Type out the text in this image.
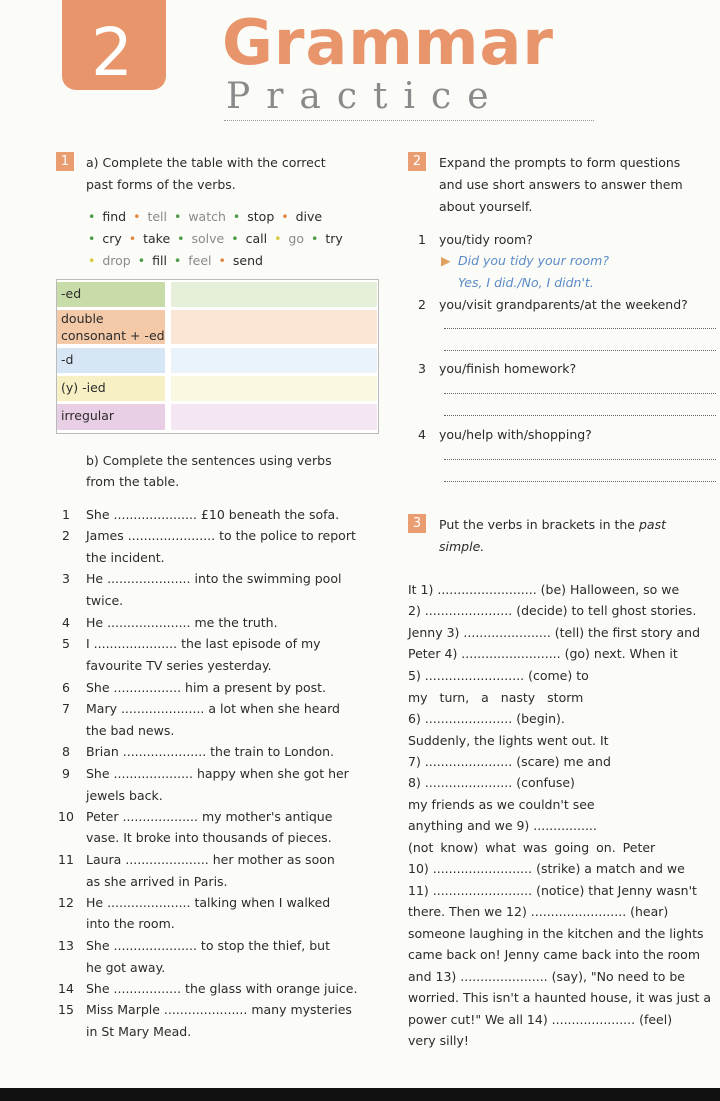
2	Grammar
Practice
1	a) Complete the table with the correct
past forms of the verbs.
• find • tell • watch • stop • dive
• cry • take • solve • call • go • try
• drop • fill • feel • send
-ed
double
consonant + -ed
-d
(y) -ied
irregular
b) Complete the sentences using verbs
from the table.
1 She ..................... £10 beneath the sofa.
2 James ...................... to the police to report
the incident.
3 He ..................... into the swimming pool
twice.
4 He ..................... me the truth.
5 I ..................... the last episode of my
favourite TV series yesterday.
6 She ................. him a present by post.
7 Mary ..................... a lot when she heard
the bad news.
8 Brian ..................... the train to London.
9 She .................... happy when she got her
jewels back.
10 Peter ................... my mother's antique
vase. It broke into thousands of pieces.
11 Laura ..................... her mother as soon
as she arrived in Paris.
12 He ..................... talking when I walked
into the room.
13 She ..................... to stop the thief, but
he got away.
14 She ................. the glass with orange juice.
15 Miss Marple ..................... many mysteries
in St Mary Mead.
2	Expand the prompts to form questions
and use short answers to answer them
about yourself.
1 you/tidy room?
▶ Did you tidy your room?
Yes, I did./No, I didn't.
2 you/visit grandparents/at the weekend?
3 you/finish homework?
4 you/help with/shopping?
3	Put the verbs in brackets in the past
simple.
It 1) ......................... (be) Halloween, so we
2) ...................... (decide) to tell ghost stories.
Jenny 3) ...................... (tell) the first story and
Peter 4) ......................... (go) next. When it
5) ......................... (come) to
my turn, a nasty storm
6) ...................... (begin).
Suddenly, the lights went out. It
7) ...................... (scare) me and
8) ...................... (confuse)
my friends as we couldn't see
anything and we 9) ................
(not know) what was going on. Peter
10) ......................... (strike) a match and we
11) ......................... (notice) that Jenny wasn't
there. Then we 12) ........................ (hear)
someone laughing in the kitchen and the lights
came back on! Jenny came back into the room
and 13) ...................... (say), "No need to be
worried. This isn't a haunted house, it was just a
power cut!" We all 14) ..................... (feel)
very silly!
